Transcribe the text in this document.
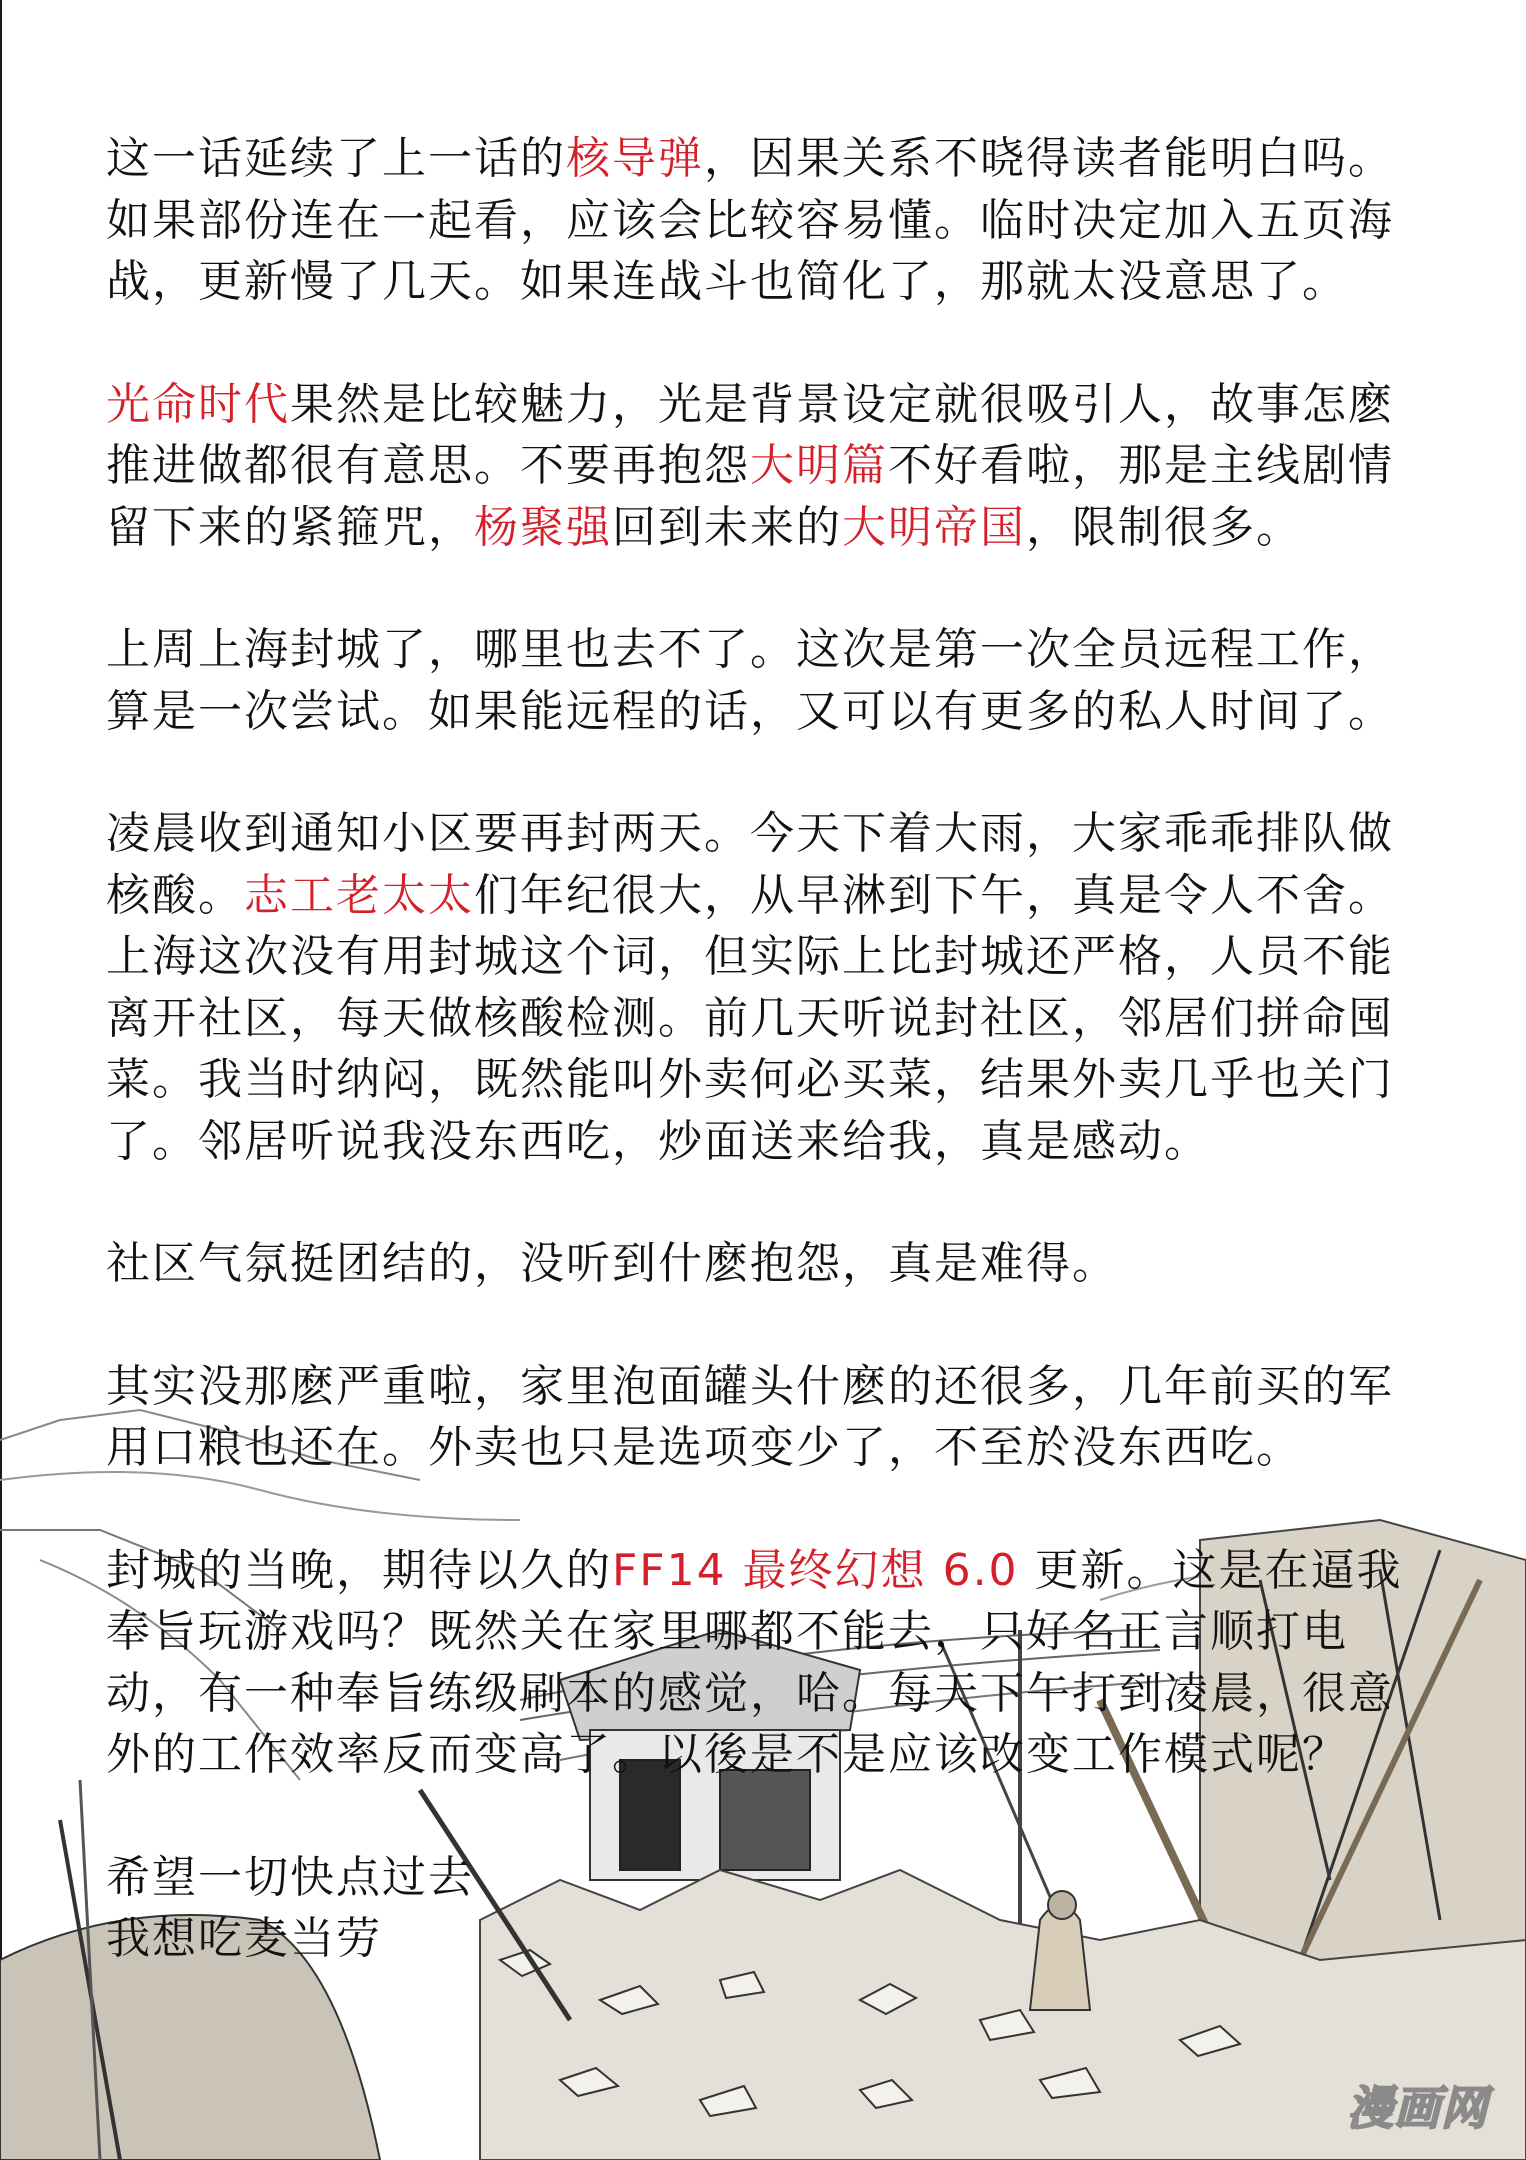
这一话延续了上一话的核导弹，因果关系不晓得读者能明白吗。
如果部份连在一起看，应该会比较容易懂。临时决定加入五页海
战，更新慢了几天。如果连战斗也简化了，那就太没意思了。
光命时代果然是比较魅力，光是背景设定就很吸引人，故事怎麽
推进做都很有意思。不要再抱怨大明篇不好看啦，那是主线剧情
留下来的紧箍咒，杨聚强回到未来的大明帝国，限制很多。
上周上海封城了，哪里也去不了。这次是第一次全员远程工作，
算是一次尝试。如果能远程的话，又可以有更多的私人时间了。
凌晨收到通知小区要再封两天。今天下着大雨，大家乖乖排队做
核酸。志工老太太们年纪很大，从早淋到下午，真是令人不舍。
上海这次没有用封城这个词，但实际上比封城还严格，人员不能
离开社区，每天做核酸检测。前几天听说封社区，邻居们拼命囤
菜。我当时纳闷，既然能叫外卖何必买菜，结果外卖几乎也关门
了。邻居听说我没东西吃，炒面送来给我，真是感动。
社区气氛挺团结的，没听到什麽抱怨，真是难得。
其实没那麽严重啦，家里泡面罐头什麽的还很多，几年前买的军
用口粮也还在。外卖也只是选项变少了，不至於没东西吃。
封城的当晚，期待以久的FF14 最终幻想 6.0 更新。这是在逼我
奉旨玩游戏吗？既然关在家里哪都不能去，只好名正言顺打电
动，有一种奉旨练级刷本的感觉，哈。每天下午打到凌晨，很意
外的工作效率反而变高了。以後是不是应该改变工作模式呢？
希望一切快点过去
我想吃麦当劳
漫画网
